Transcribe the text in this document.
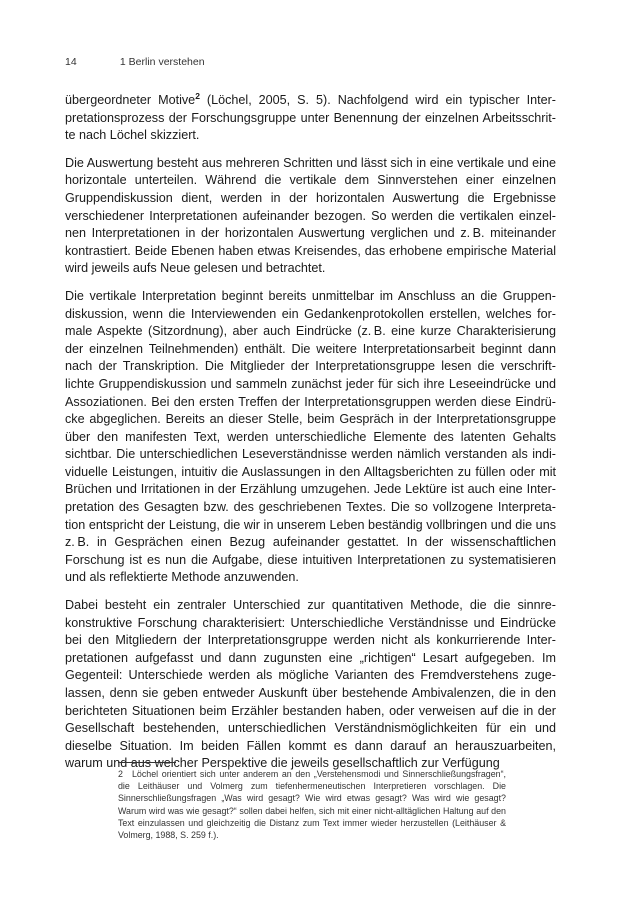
14	1 Berlin verstehen

übergeordneter Motive$^2$ (Löchel, 2005, S. 5). Nachfolgend wird ein typischer Interpretationsprozess der Forschungsgruppe unter Benennung der einzelnen Arbeitsschritte nach Löchel skizziert.

Die Auswertung besteht aus mehreren Schritten und lässt sich in eine vertikale und eine horizontale unterteilen. Während die vertikale dem Sinnverstehen einer einzelnen Gruppendiskussion dient, werden in der horizontalen Auswertung die Ergebnisse verschiedener Interpretationen aufeinander bezogen. So werden die vertikalen einzelnen Interpretationen in der horizontalen Auswertung verglichen und z. B. miteinander kontrastiert. Beide Ebenen haben etwas Kreisendes, das erhobene empirische Material wird jeweils aufs Neue gelesen und betrachtet.

Die vertikale Interpretation beginnt bereits unmittelbar im Anschluss an die Gruppendiskussion, wenn die Interviewenden ein Gedankenprotokollen erstellen, welches formale Aspekte (Sitzordnung), aber auch Eindrücke (z. B. eine kurze Charakterisierung der einzelnen Teilnehmenden) enthält. Die weitere Interpretationsarbeit beginnt dann nach der Transkription. Die Mitglieder der Interpretationsgruppe lesen die verschriftlichte Gruppendiskussion und sammeln zunächst jeder für sich ihre Leseeindrücke und Assoziationen. Bei den ersten Treffen der Interpretationsgruppen werden diese Eindrücke abgeglichen. Bereits an dieser Stelle, beim Gespräch in der Interpretationsgruppe über den manifesten Text, werden unterschiedliche Elemente des latenten Gehalts sichtbar. Die unterschiedlichen Leseverständnisse werden nämlich verstanden als individuelle Leistungen, intuitiv die Auslassungen in den Alltagsberichten zu füllen oder mit Brüchen und Irritationen in der Erzählung umzugehen. Jede Lektüre ist auch eine Interpretation des Gesagten bzw. des geschriebenen Textes. Die so vollzogene Interpretation entspricht der Leistung, die wir in unserem Leben beständig vollbringen und die uns z. B. in Gesprächen einen Bezug aufeinander gestattet. In der wissenschaftlichen Forschung ist es nun die Aufgabe, diese intuitiven Interpretationen zu systematisieren und als reflektierte Methode anzuwenden.

Dabei besteht ein zentraler Unterschied zur quantitativen Methode, die die sinnrekonstruktive Forschung charakterisiert: Unterschiedliche Verständnisse und Eindrücke bei den Mitgliedern der Interpretationsgruppe werden nicht als konkurrierende Interpretationen aufgefasst und dann zugunsten eine „richtigen“ Lesart aufgegeben. Im Gegenteil: Unterschiede werden als mögliche Varianten des Fremdverstehens zugelassen, denn sie geben entweder Auskunft über bestehende Ambivalenzen, die in den berichteten Situationen beim Erzähler bestanden haben, oder verweisen auf die in der Gesellschaft bestehenden, unterschiedlichen Verständnismöglichkeiten für ein und dieselbe Situation. Im beiden Fällen kommt es dann darauf an herauszuarbeiten, warum und aus welcher Perspektive die jeweils gesellschaftlich zur Verfügung

2 Löchel orientiert sich unter anderem an den „Verstehensmodi und Sinnerschließungsfragen“, die Leithäuser und Volmerg zum tiefenhermeneutischen Interpretieren vorschlagen. Die Sinnerschließungsfragen „Was wird gesagt? Wie wird etwas gesagt? Was wird wie gesagt? Warum wird was wie gesagt?“ sollen dabei helfen, sich mit einer nicht-alltäglichen Haltung auf den Text einzulassen und gleichzeitig die Distanz zum Text immer wieder herzustellen (Leithäuser & Volmerg, 1988, S. 259 f.).
